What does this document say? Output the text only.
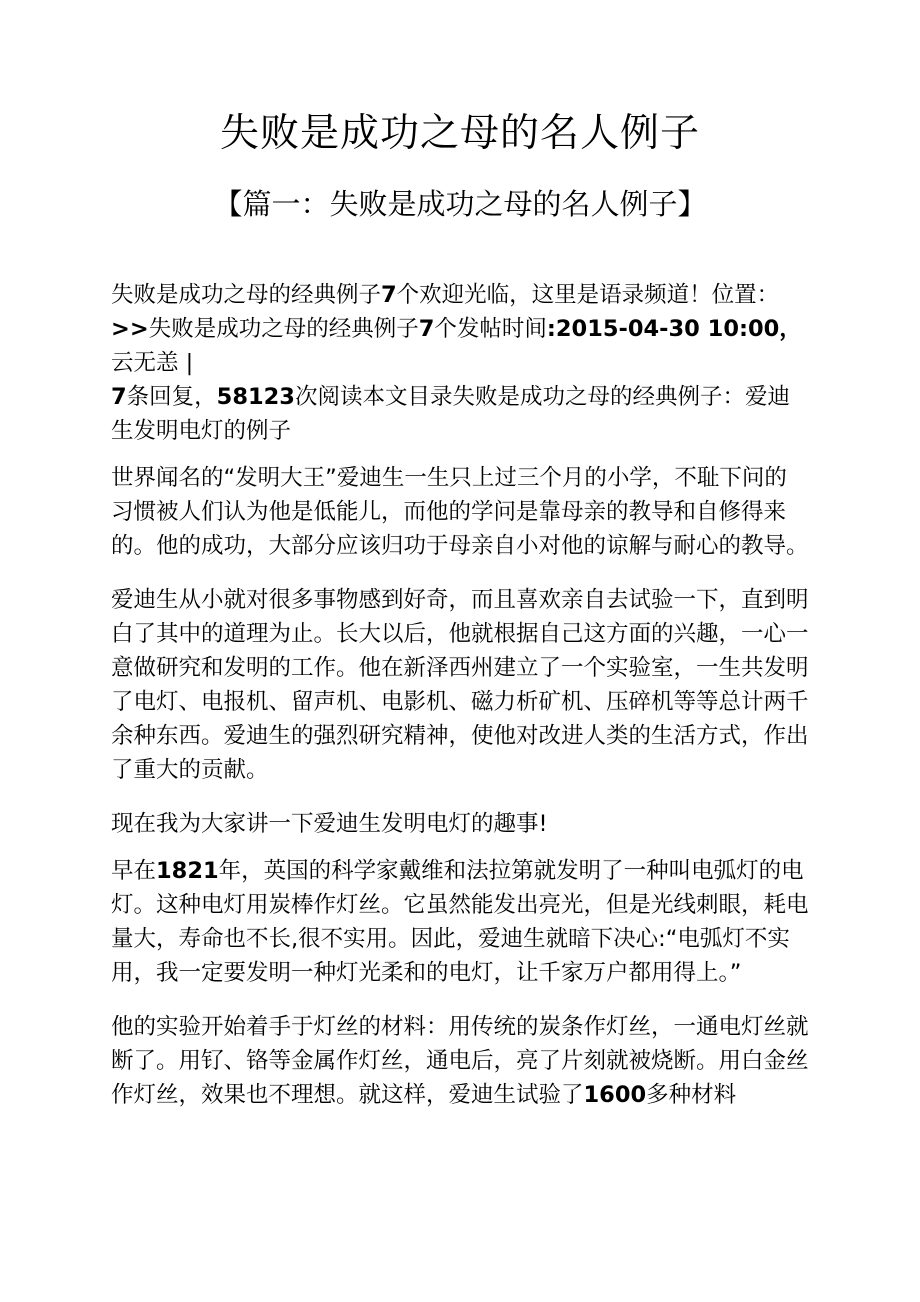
失败是成功之母的名人例子
【篇一：失败是成功之母的名人例子】

失败是成功之母的经典例子7个欢迎光临，这里是语录频道！位置：
>>失败是成功之母的经典例子7个发帖时间:2015-04-30 10:00，
云无恙 |
7条回复，58123次阅读本文目录失败是成功之母的经典例子：爱迪生发明电灯的例子

世界闻名的“发明大王”爱迪生一生只上过三个月的小学，不耻下问的习惯被人们认为他是低能儿，而他的学问是靠母亲的教导和自修得来的。他的成功，大部分应该归功于母亲自小对他的谅解与耐心的教导。

爱迪生从小就对很多事物感到好奇，而且喜欢亲自去试验一下，直到明白了其中的道理为止。长大以后，他就根据自己这方面的兴趣，一心一意做研究和发明的工作。他在新泽西州建立了一个实验室，一生共发明了电灯、电报机、留声机、电影机、磁力析矿机、压碎机等等总计两千余种东西。爱迪生的强烈研究精神，使他对改进人类的生活方式，作出了重大的贡献。

现在我为大家讲一下爱迪生发明电灯的趣事!

早在1821年，英国的科学家戴维和法拉第就发明了一种叫电弧灯的电灯。这种电灯用炭棒作灯丝。它虽然能发出亮光，但是光线刺眼，耗电量大，寿命也不长,很不实用。因此，爱迪生就暗下决心:“电弧灯不实用，我一定要发明一种灯光柔和的电灯，让千家万户都用得上。”

他的实验开始着手于灯丝的材料：用传统的炭条作灯丝，一通电灯丝就断了。用钌、铬等金属作灯丝，通电后，亮了片刻就被烧断。用白金丝作灯丝，效果也不理想。就这样，爱迪生试验了1600多种材料
